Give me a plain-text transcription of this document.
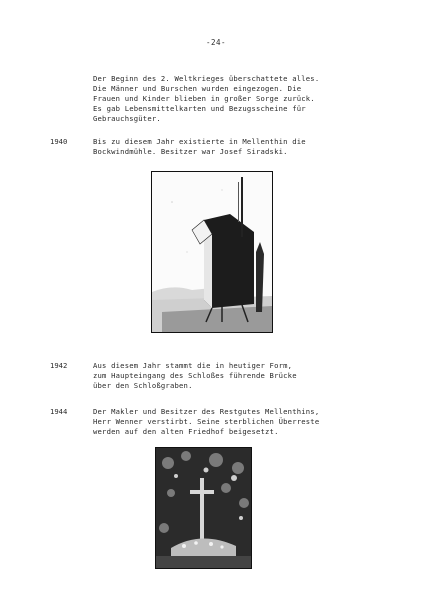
-24-
Der Beginn des 2. Weltkrieges überschattete alles.
Die Männer und Burschen wurden eingezogen. Die
Frauen und Kinder blieben in großer Sorge zurück.
Es gab Lebensmittelkarten und Bezugsscheine für
Gebrauchsgüter.
1940	Bis zu diesem Jahr existierte in Mellenthin die
Bockwindmühle. Besitzer war Josef Siradski.
1942	Aus diesem Jahr stammt die in heutiger Form,
zum Haupteingang des Schloßes führende Brücke
über den Schloßgraben.
1944	Der Makler und Besitzer des Restgutes Mellenthins,
Herr Wenner verstirbt. Seine sterblichen Überreste
werden auf den alten Friedhof beigesetzt.
